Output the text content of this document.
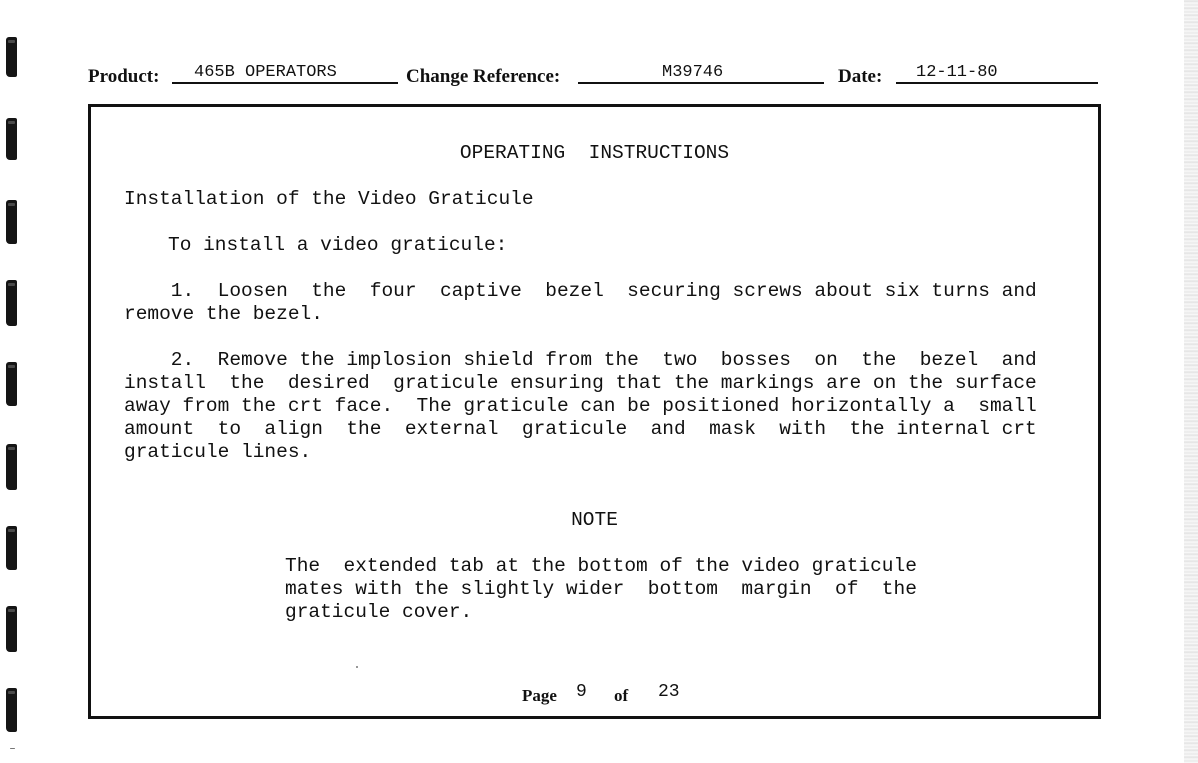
Product:	465B OPERATORS	Change Reference:	M39746	Date:	12-11-80
OPERATING  INSTRUCTIONS
Installation of the Video Graticule
To install a video graticule:
1.  Loosen  the  four  captive  bezel  securing screws about six turns and
remove the bezel.
2.  Remove the implosion shield from the  two  bosses  on  the  bezel  and
install  the  desired  graticule ensuring that the markings are on the surface
away from the crt face.  The graticule can be positioned horizontally a  small
amount  to  align  the  external  graticule  and  mask  with  the internal crt
graticule lines.
NOTE
The  extended tab at the bottom of the video graticule
mates with the slightly wider  bottom  margin  of  the
graticule cover.
Page 9 of 23
